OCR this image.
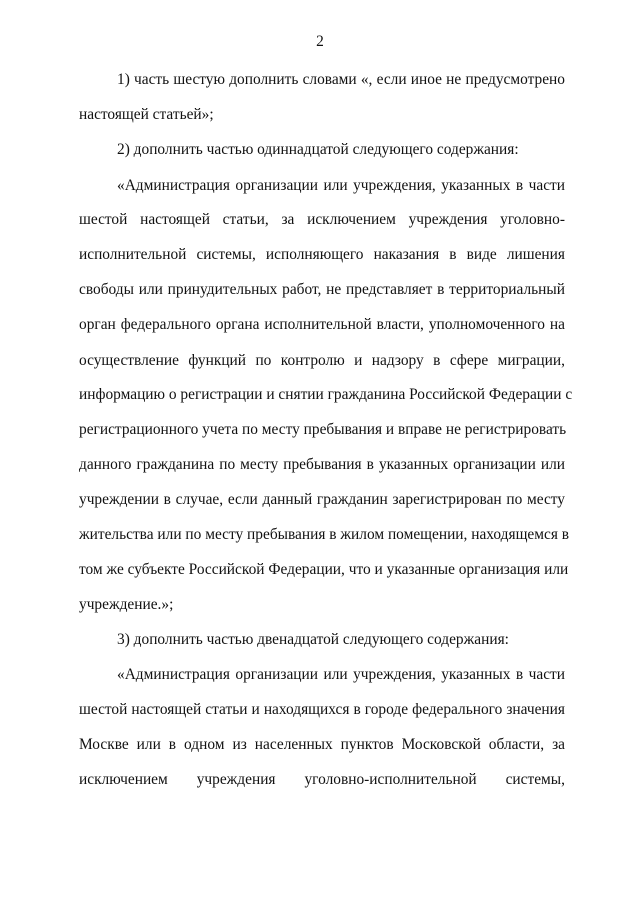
2
1) часть шестую дополнить словами «, если иное не предусмотрено
настоящей статьей»;
2) дополнить частью одиннадцатой следующего содержания:
«Администрация организации или учреждения, указанных в части
шестой настоящей статьи, за исключением учреждения уголовно-
исполнительной системы, исполняющего наказания в виде лишения
свободы или принудительных работ, не представляет в территориальный
орган федерального органа исполнительной власти, уполномоченного на
осуществление функций по контролю и надзору в сфере миграции,
информацию о регистрации и снятии гражданина Российской Федерации с
регистрационного учета по месту пребывания и вправе не регистрировать
данного гражданина по месту пребывания в указанных организации или
учреждении в случае, если данный гражданин зарегистрирован по месту
жительства или по месту пребывания в жилом помещении, находящемся в
том же субъекте Российской Федерации, что и указанные организация или
учреждение.»;
3) дополнить частью двенадцатой следующего содержания:
«Администрация организации или учреждения, указанных в части
шестой настоящей статьи и находящихся в городе федерального значения
Москве или в одном из населенных пунктов Московской области, за
исключением учреждения уголовно-исполнительной системы,
